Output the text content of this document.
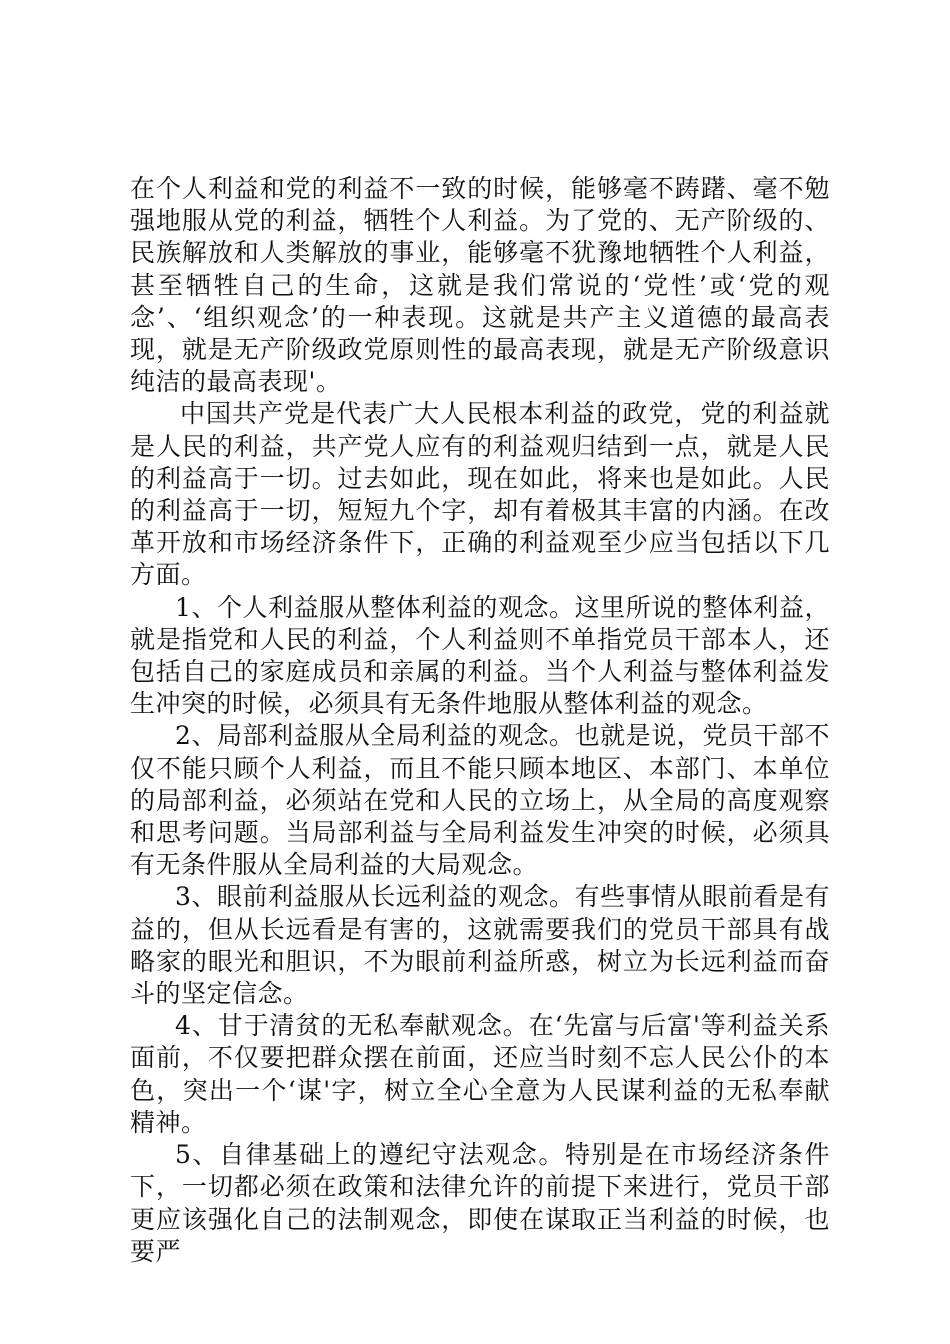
在个人利益和党的利益不一致的时候，能够毫不踌躇、毫不勉强地服从党的利益，牺牲个人利益。为了党的、无产阶级的、民族解放和人类解放的事业，能够毫不犹豫地牺牲个人利益，甚至牺牲自己的生命，这就是我们常说的‘党性’或‘党的观念’、‘组织观念’的一种表现。这就是共产主义道德的最高表现，就是无产阶级政党原则性的最高表现，就是无产阶级意识纯洁的最高表现'。

中国共产党是代表广大人民根本利益的政党，党的利益就是人民的利益，共产党人应有的利益观归结到一点，就是人民的利益高于一切。过去如此，现在如此，将来也是如此。人民的利益高于一切，短短九个字，却有着极其丰富的内涵。在改革开放和市场经济条件下，正确的利益观至少应当包括以下几方面。

1、个人利益服从整体利益的观念。这里所说的整体利益，就是指党和人民的利益，个人利益则不单指党员干部本人，还包括自己的家庭成员和亲属的利益。当个人利益与整体利益发生冲突的时候，必须具有无条件地服从整体利益的观念。

2、局部利益服从全局利益的观念。也就是说，党员干部不仅不能只顾个人利益，而且不能只顾本地区、本部门、本单位的局部利益，必须站在党和人民的立场上，从全局的高度观察和思考问题。当局部利益与全局利益发生冲突的时候，必须具有无条件服从全局利益的大局观念。

3、眼前利益服从长远利益的观念。有些事情从眼前看是有益的，但从长远看是有害的，这就需要我们的党员干部具有战略家的眼光和胆识，不为眼前利益所惑，树立为长远利益而奋斗的坚定信念。

4、甘于清贫的无私奉献观念。在‘先富与后富'等利益关系面前，不仅要把群众摆在前面，还应当时刻不忘人民公仆的本色，突出一个‘谋'字，树立全心全意为人民谋利益的无私奉献精神。

5、自律基础上的遵纪守法观念。特别是在市场经济条件下，一切都必须在政策和法律允许的前提下来进行，党员干部更应该强化自己的法制观念，即使在谋取正当利益的时候，也要严
